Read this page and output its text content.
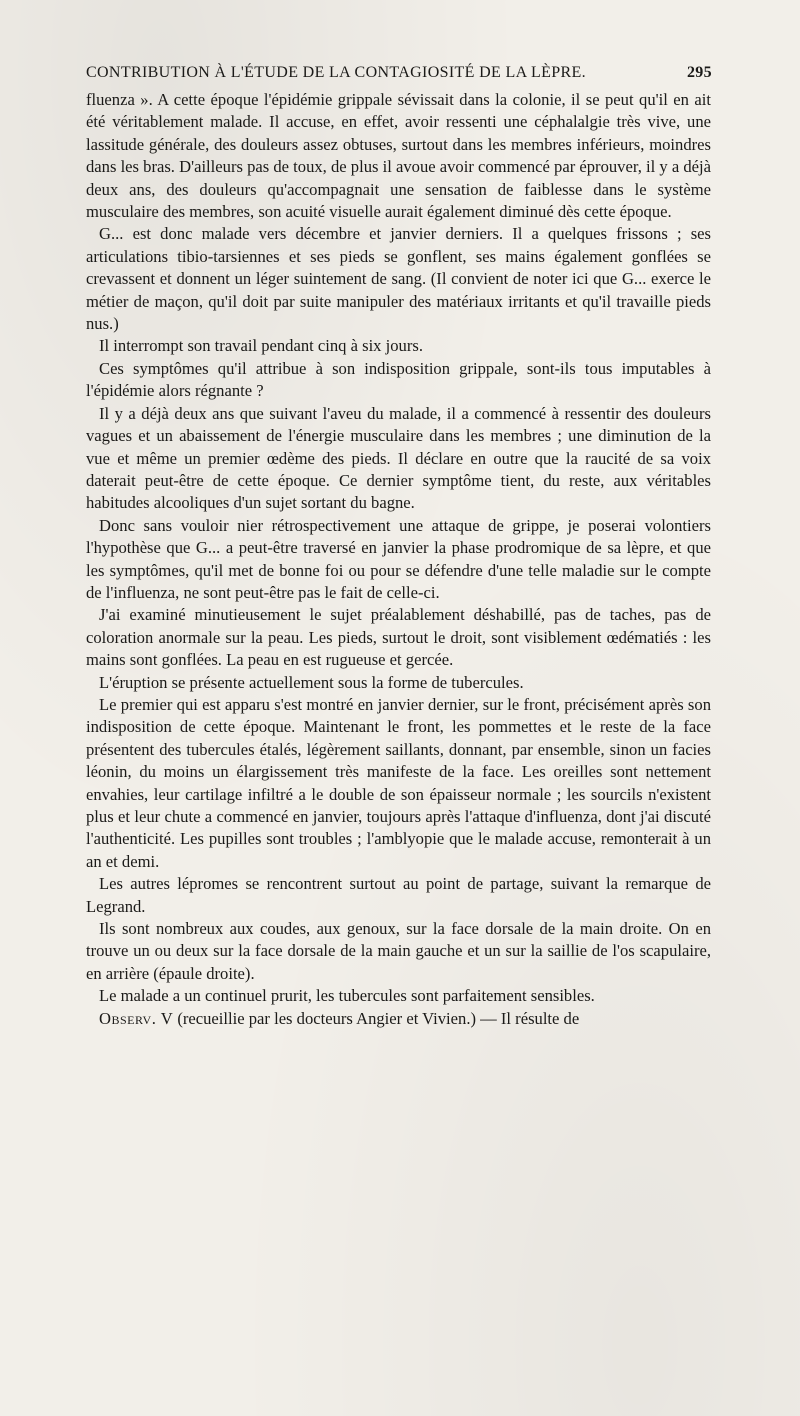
CONTRIBUTION À L'ÉTUDE DE LA CONTAGIOSITÉ DE LA LÈPRE.	295

fluenza ». A cette époque l'épidémie grippale sévissait dans la colonie, il se peut qu'il en ait été véritablement malade. Il accuse, en effet, avoir ressenti une céphalalgie très vive, une lassitude générale, des douleurs assez obtuses, surtout dans les membres inférieurs, moindres dans les bras. D'ailleurs pas de toux, de plus il avoue avoir commencé par éprouver, il y a déjà deux ans, des douleurs qu'accompagnait une sensation de faiblesse dans le système musculaire des membres, son acuité visuelle aurait également diminué dès cette époque.

G... est donc malade vers décembre et janvier derniers. Il a quelques frissons ; ses articulations tibio-tarsiennes et ses pieds se gonflent, ses mains également gonflées se crevassent et donnent un léger suintement de sang. (Il convient de noter ici que G... exerce le métier de maçon, qu'il doit par suite manipuler des matériaux irritants et qu'il travaille pieds nus.)

Il interrompt son travail pendant cinq à six jours.

Ces symptômes qu'il attribue à son indisposition grippale, sont-ils tous imputables à l'épidémie alors régnante ?

Il y a déjà deux ans que suivant l'aveu du malade, il a commencé à ressentir des douleurs vagues et un abaissement de l'énergie musculaire dans les membres ; une diminution de la vue et même un premier œdème des pieds. Il déclare en outre que la raucité de sa voix daterait peut-être de cette époque. Ce dernier symptôme tient, du reste, aux véritables habitudes alcooliques d'un sujet sortant du bagne.

Donc sans vouloir nier rétrospectivement une attaque de grippe, je poserai volontiers l'hypothèse que G... a peut-être traversé en janvier la phase prodromique de sa lèpre, et que les symptômes, qu'il met de bonne foi ou pour se défendre d'une telle maladie sur le compte de l'influenza, ne sont peut-être pas le fait de celle-ci.

J'ai examiné minutieusement le sujet préalablement déshabillé, pas de taches, pas de coloration anormale sur la peau. Les pieds, surtout le droit, sont visiblement œdématiés : les mains sont gonflées. La peau en est rugueuse et gercée.

L'éruption se présente actuellement sous la forme de tubercules.

Le premier qui est apparu s'est montré en janvier dernier, sur le front, précisément après son indisposition de cette époque. Maintenant le front, les pommettes et le reste de la face présentent des tubercules étalés, légèrement saillants, donnant, par ensemble, sinon un facies léonin, du moins un élargissement très manifeste de la face. Les oreilles sont nettement envahies, leur cartilage infiltré a le double de son épaisseur normale ; les sourcils n'existent plus et leur chute a commencé en janvier, toujours après l'attaque d'influenza, dont j'ai discuté l'authenticité. Les pupilles sont troubles ; l'amblyopie que le malade accuse, remonterait à un an et demi.

Les autres lépromes se rencontrent surtout au point de partage, suivant la remarque de Legrand.

Ils sont nombreux aux coudes, aux genoux, sur la face dorsale de la main droite. On en trouve un ou deux sur la face dorsale de la main gauche et un sur la saillie de l'os scapulaire, en arrière (épaule droite).

Le malade a un continuel prurit, les tubercules sont parfaitement sensibles.

Observ. V (recueillie par les docteurs Angier et Vivien.) — Il résulte de
